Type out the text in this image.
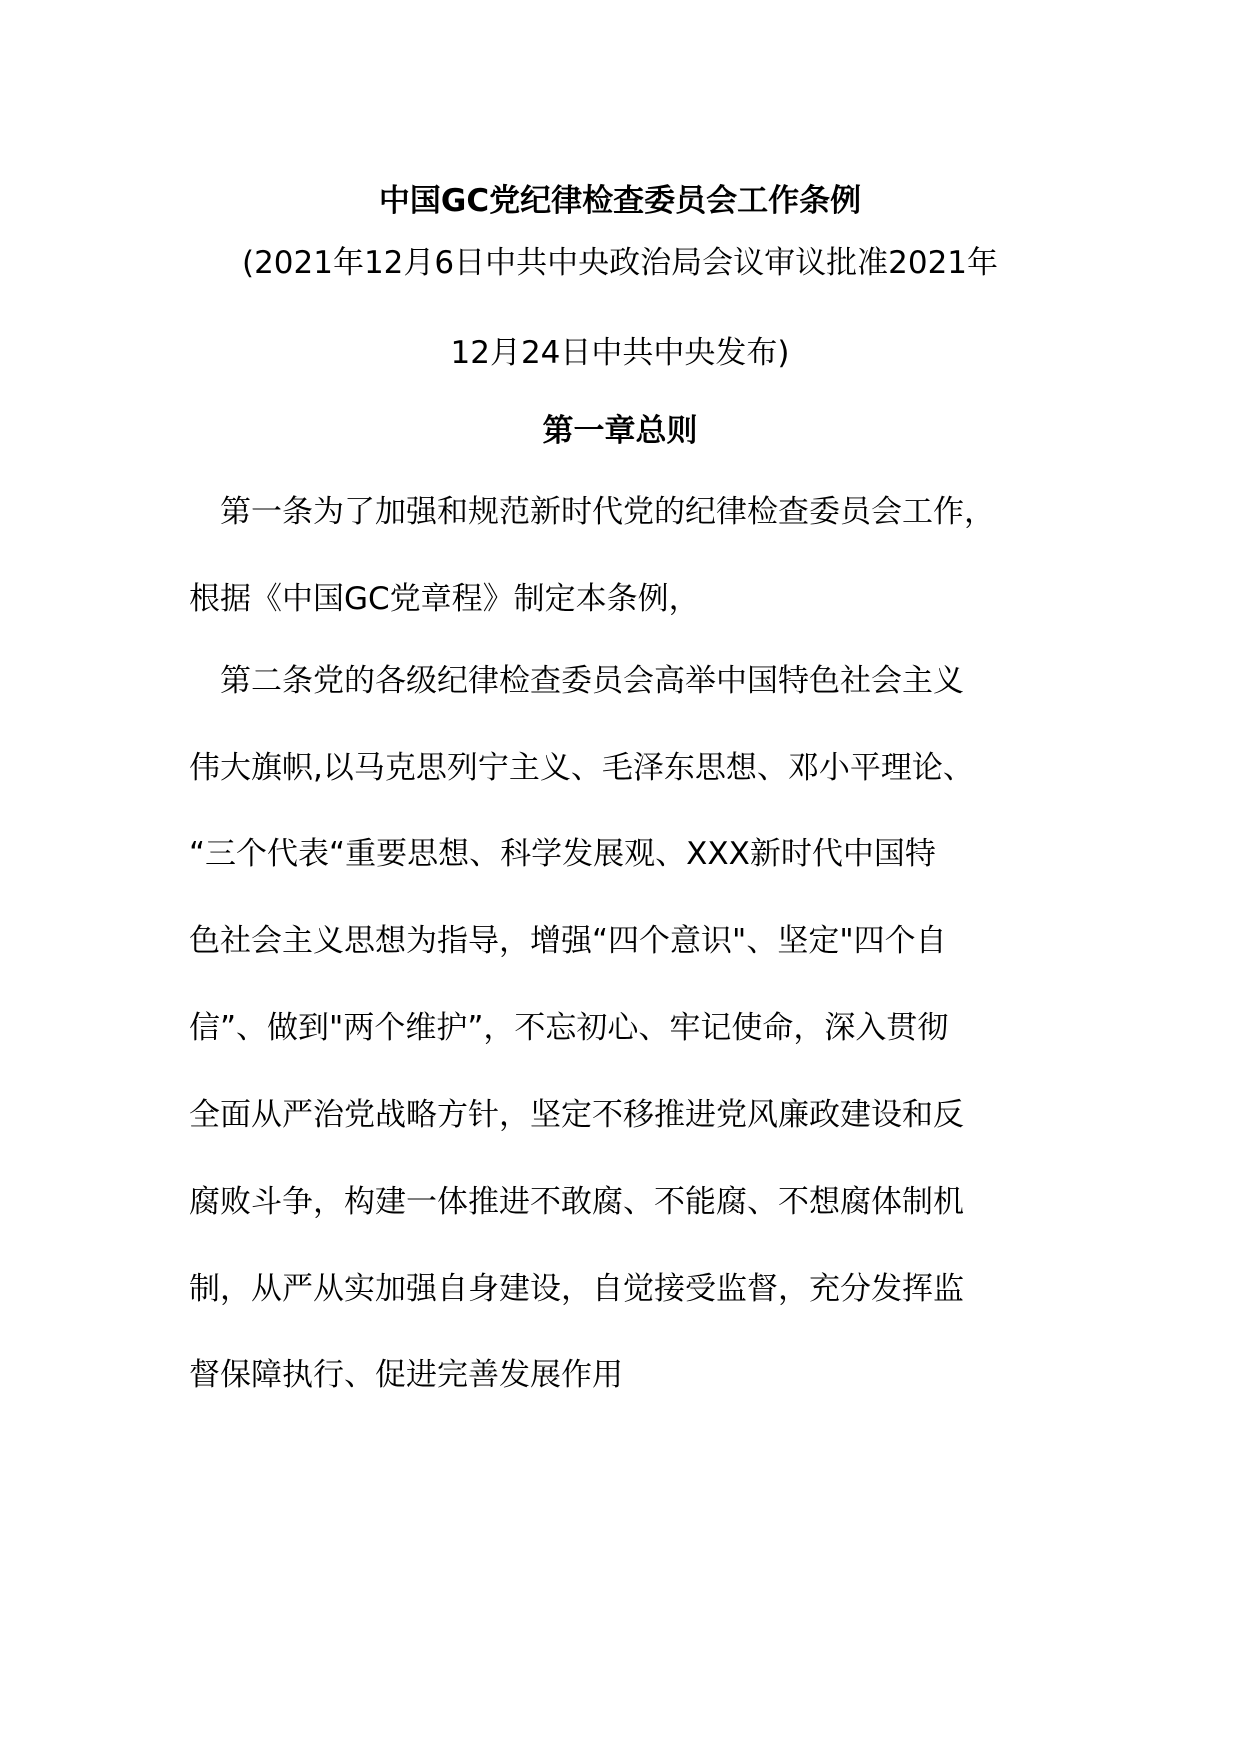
中国GC党纪律检查委员会工作条例
(2021年12月6日中共中央政治局会议审议批准2021年
12月24日中共中央发布)
第一章总则
　第一条为了加强和规范新时代党的纪律检查委员会工作，
根据《中国GC党章程》制定本条例，
　第二条党的各级纪律检查委员会高举中国特色社会主义
伟大旗帜,以马克思列宁主义、毛泽东思想、邓小平理论、
“三个代表“重要思想、科学发展观、XXX新时代中国特
色社会主义思想为指导，增强“四个意识"、坚定"四个自
信”、做到"两个维护”，不忘初心、牢记使命，深入贯彻
全面从严治党战略方针，坚定不移推进党风廉政建设和反
腐败斗争，构建一体推进不敢腐、不能腐、不想腐体制机
制，从严从实加强自身建设，自觉接受监督，充分发挥监
督保障执行、促进完善发展作用
